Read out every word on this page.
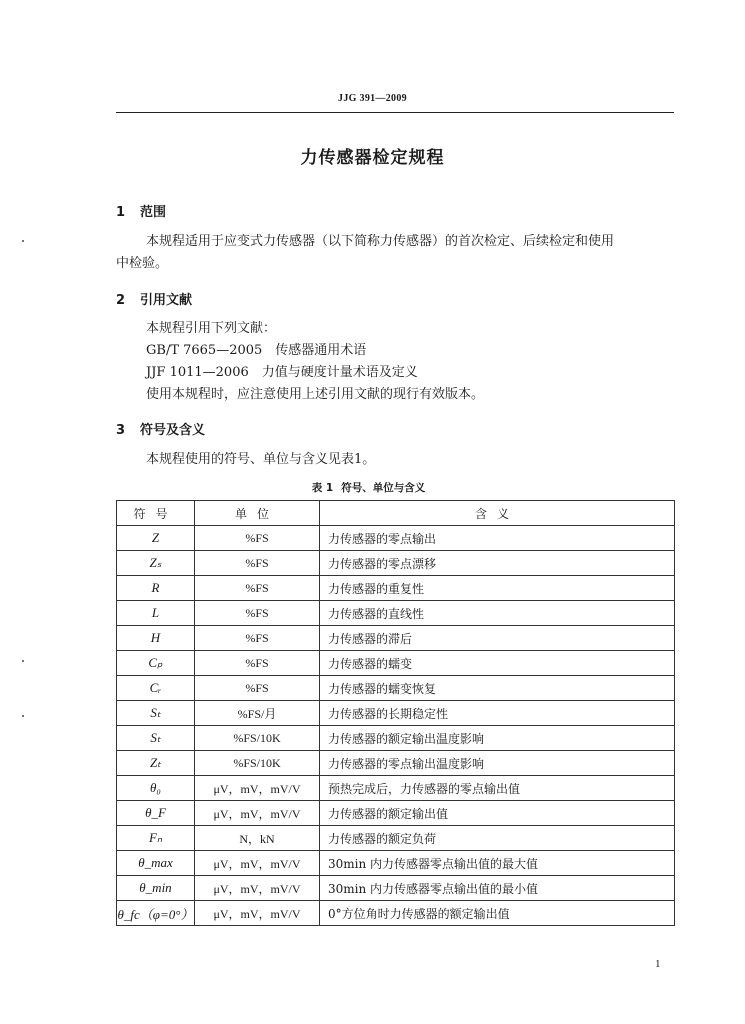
JJG 391—2009
力传感器检定规程
1 范围
本规程适用于应变式力传感器（以下简称力传感器）的首次检定、后续检定和使用
中检验。
2 引用文献
本规程引用下列文献：
GB/T 7665—2005　传感器通用术语
JJF 1011—2006　力值与硬度计量术语及定义
使用本规程时，应注意使用上述引用文献的现行有效版本。
3 符号及含义
本规程使用的符号、单位与含义见表1。
表 1 符号、单位与含义
符号	单位	含义
Z	%FS	力传感器的零点输出
Zₛ	%FS	力传感器的零点漂移
R	%FS	力传感器的重复性
L	%FS	力传感器的直线性
H	%FS	力传感器的滞后
Cₚ	%FS	力传感器的蠕变
Cᵣ	%FS	力传感器的蠕变恢复
Sₜ	%FS/月	力传感器的长期稳定性
Sₜ	%FS/10K	力传感器的额定输出温度影响
Zₜ	%FS/10K	力传感器的零点输出温度影响
θ₀	μV，mV，mV/V	预热完成后，力传感器的零点输出值
θ_F	μV，mV，mV/V	力传感器的额定输出值
Fₙ	N，kN	力传感器的额定负荷
θ_max	μV，mV，mV/V	30min 内力传感器零点输出值的最大值
θ_min	μV，mV，mV/V	30min 内力传感器零点输出值的最小值
θ_fc（φ=0°）	μV，mV，mV/V	0°方位角时力传感器的额定输出值
1
